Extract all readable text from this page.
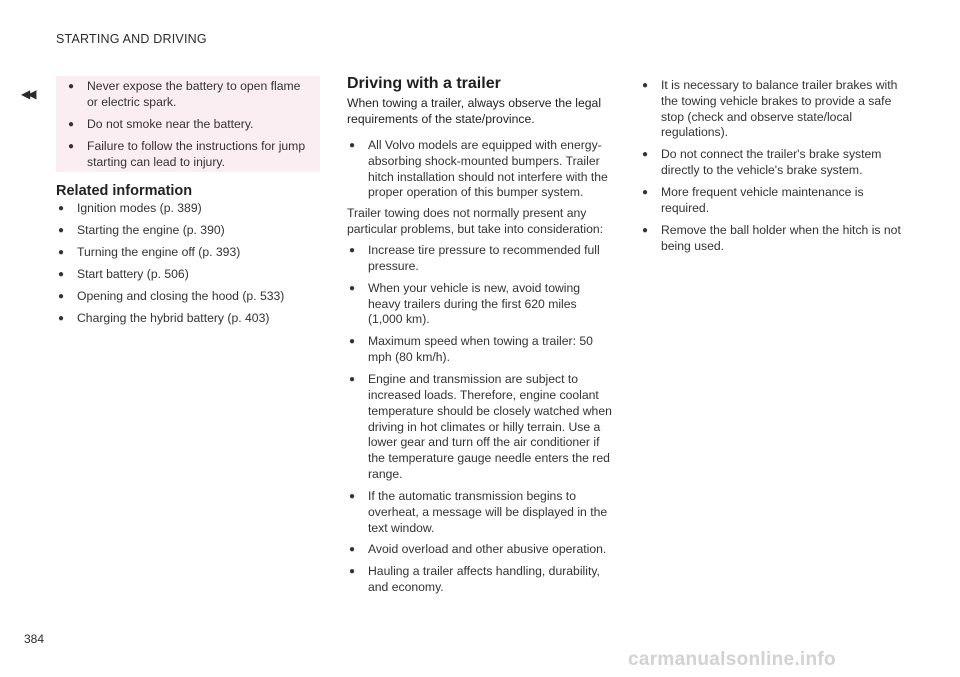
STARTING AND DRIVING
◀◀
● Never expose the battery to open flame or electric spark.
● Do not smoke near the battery.
● Failure to follow the instructions for jump starting can lead to injury.
Related information
● Ignition modes (p. 389)
● Starting the engine (p. 390)
● Turning the engine off (p. 393)
● Start battery (p. 506)
● Opening and closing the hood (p. 533)
● Charging the hybrid battery (p. 403)
Driving with a trailer
When towing a trailer, always observe the legal requirements of the state/province.
● All Volvo models are equipped with energy-absorbing shock-mounted bumpers. Trailer hitch installation should not interfere with the proper operation of this bumper system.
Trailer towing does not normally present any particular problems, but take into consideration:
● Increase tire pressure to recommended full pressure.
● When your vehicle is new, avoid towing heavy trailers during the first 620 miles (1,000 km).
● Maximum speed when towing a trailer: 50 mph (80 km/h).
● Engine and transmission are subject to increased loads. Therefore, engine coolant temperature should be closely watched when driving in hot climates or hilly terrain. Use a lower gear and turn off the air conditioner if the temperature gauge needle enters the red range.
● If the automatic transmission begins to overheat, a message will be displayed in the text window.
● Avoid overload and other abusive operation.
● Hauling a trailer affects handling, durability, and economy.
● It is necessary to balance trailer brakes with the towing vehicle brakes to provide a safe stop (check and observe state/local regulations).
● Do not connect the trailer's brake system directly to the vehicle's brake system.
● More frequent vehicle maintenance is required.
● Remove the ball holder when the hitch is not being used.
384
carmanualsonline.info
